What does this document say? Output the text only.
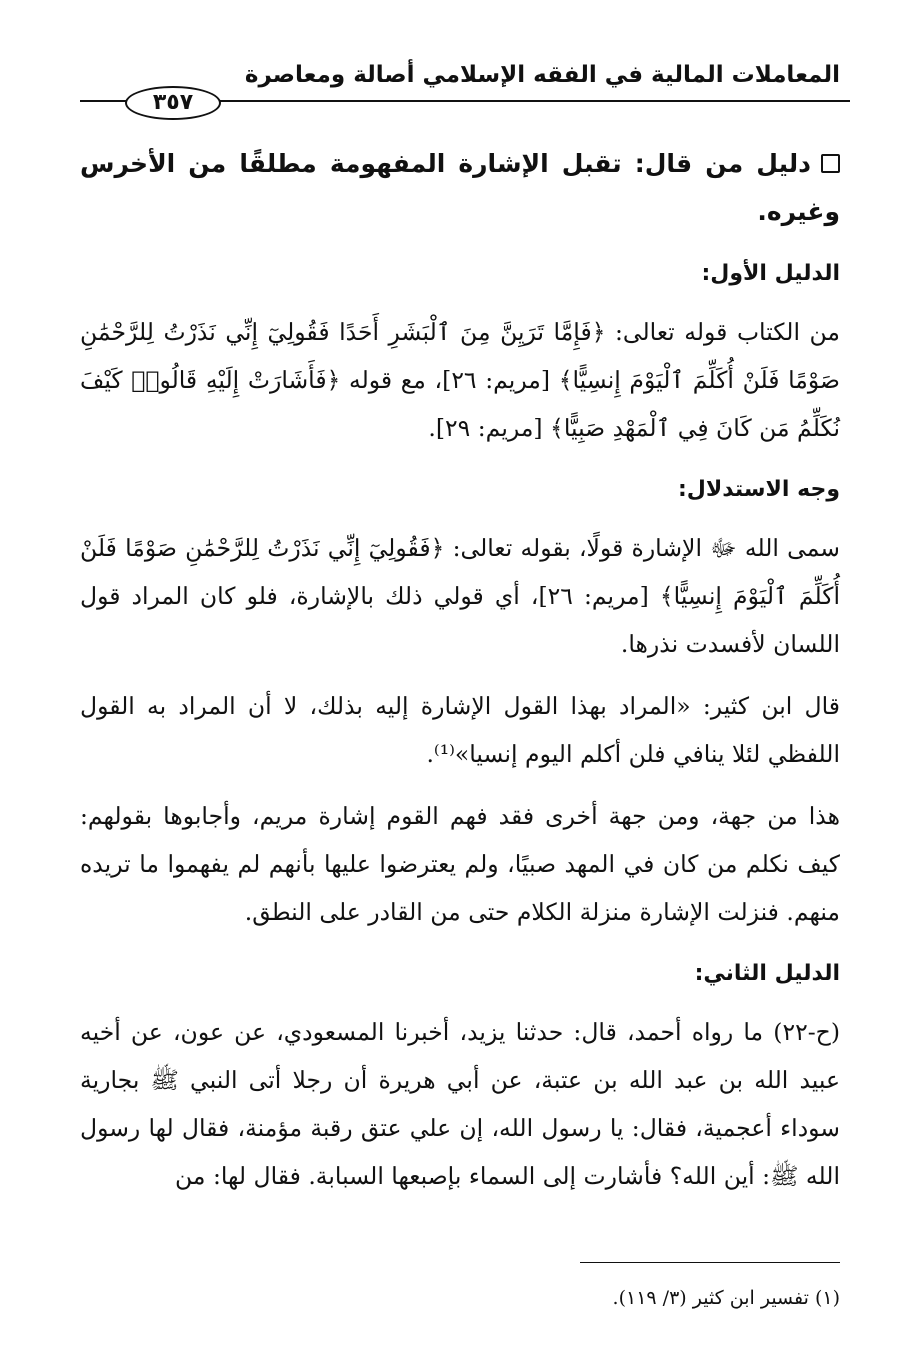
المعاملات المالية في الفقه الإسلامي أصالة ومعاصرة
٣٥٧

دليل من قال: تقبل الإشارة المفهومة مطلقًا من الأخرس وغيره.

الدليل الأول:

من الكتاب قوله تعالى: ﴿فَإِمَّا تَرَيِنَّ مِنَ ٱلْبَشَرِ أَحَدًا فَقُولِيٓ إِنِّي نَذَرْتُ لِلرَّحْمَٰنِ صَوْمًا فَلَنْ أُكَلِّمَ ٱلْيَوْمَ إِنسِيًّا﴾ [مريم: ٢٦]، مع قوله ﴿فَأَشَارَتْ إِلَيْهِ قَالُوا۟ كَيْفَ نُكَلِّمُ مَن كَانَ فِي ٱلْمَهْدِ صَبِيًّا﴾ [مريم: ٢٩].

وجه الاستدلال:

سمى الله ﷻ الإشارة قولًا، بقوله تعالى: ﴿فَقُولِيٓ إِنِّي نَذَرْتُ لِلرَّحْمَٰنِ صَوْمًا فَلَنْ أُكَلِّمَ ٱلْيَوْمَ إِنسِيًّا﴾ [مريم: ٢٦]، أي قولي ذلك بالإشارة، فلو كان المراد قول اللسان لأفسدت نذرها.

قال ابن كثير: «المراد بهذا القول الإشارة إليه بذلك، لا أن المراد به القول اللفظي لئلا ينافي فلن أكلم اليوم إنسيا»⁽¹⁾.

هذا من جهة، ومن جهة أخرى فقد فهم القوم إشارة مريم، وأجابوها بقولهم: كيف نكلم من كان في المهد صبيًا، ولم يعترضوا عليها بأنهم لم يفهموا ما تريده منهم. فنزلت الإشارة منزلة الكلام حتى من القادر على النطق.

الدليل الثاني:

(ح-٢٢) ما رواه أحمد، قال: حدثنا يزيد، أخبرنا المسعودي، عن عون، عن أخيه عبيد الله بن عبد الله بن عتبة، عن أبي هريرة أن رجلا أتى النبي ﷺ بجارية سوداء أعجمية، فقال: يا رسول الله، إن علي عتق رقبة مؤمنة، فقال لها رسول الله ﷺ: أين الله؟ فأشارت إلى السماء بإصبعها السبابة. فقال لها: من

(١) تفسير ابن كثير (٣/ ١١٩).
